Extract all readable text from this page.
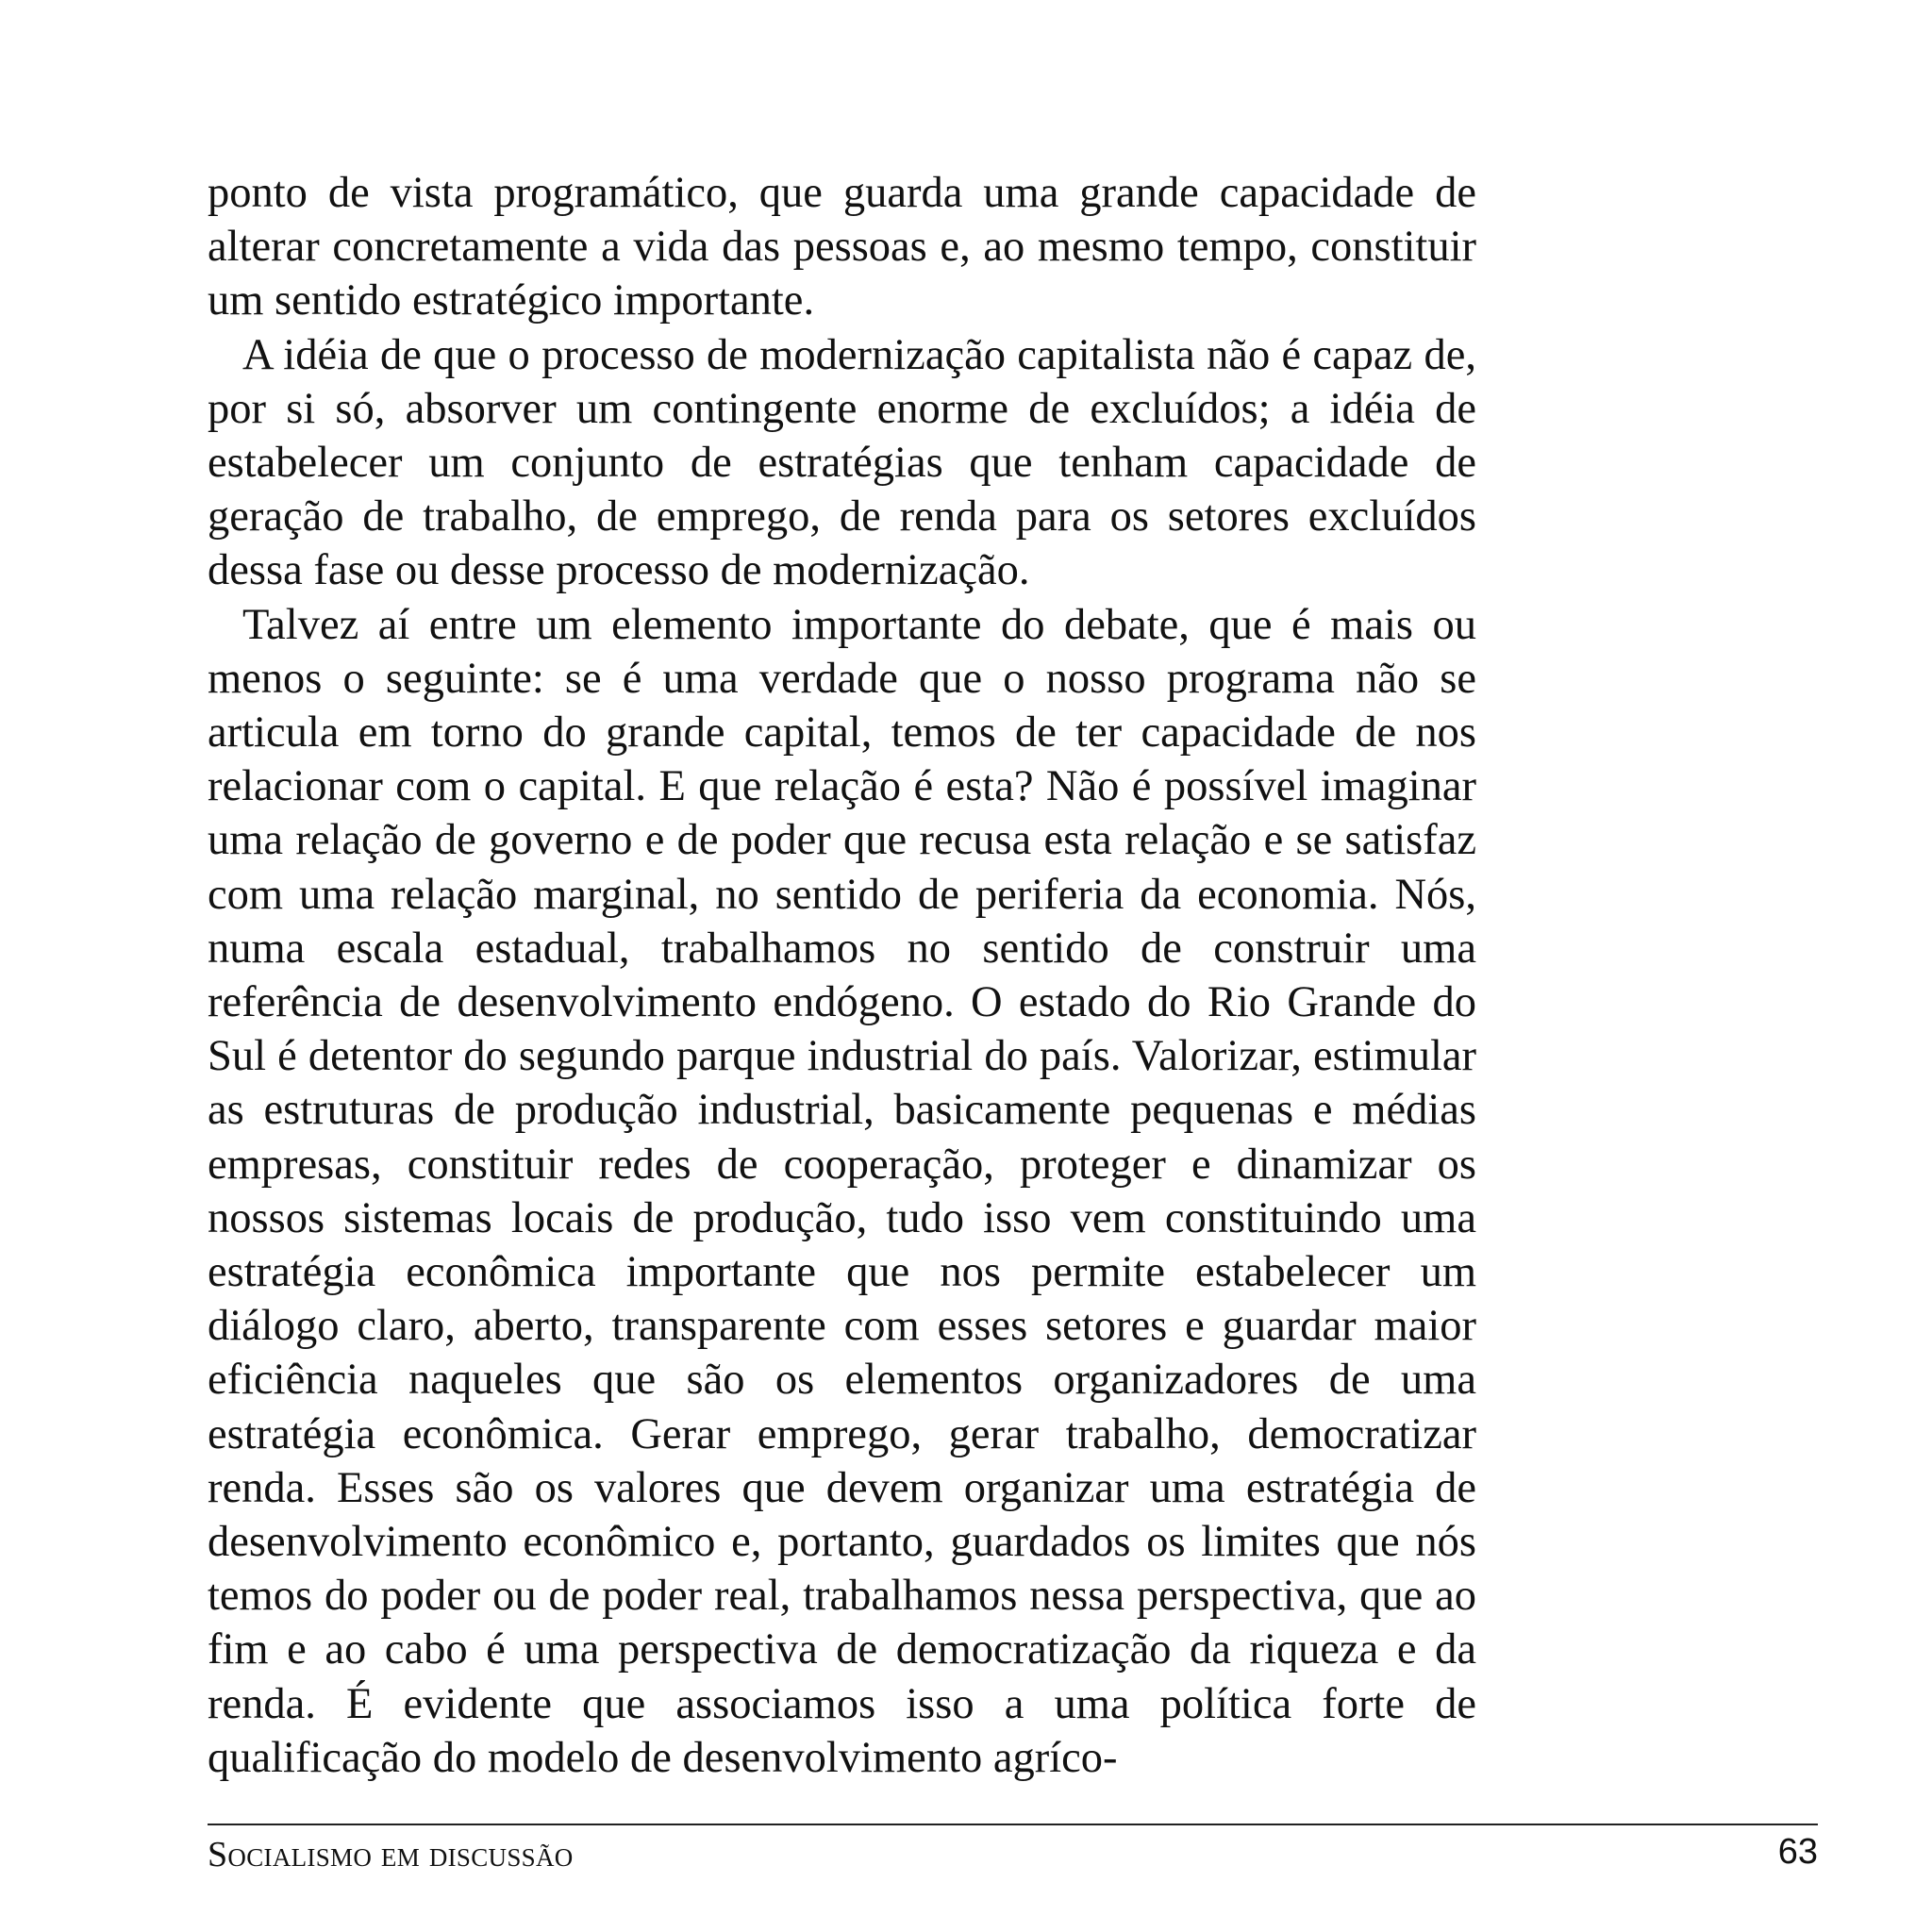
ponto de vista programático, que guarda uma grande capacidade de alterar concretamente a vida das pessoas e, ao mesmo tempo, constituir um sentido estratégico importante.

A idéia de que o processo de modernização capitalista não é capaz de, por si só, absorver um contingente enorme de excluídos; a idéia de estabelecer um conjunto de estratégias que tenham capacidade de geração de trabalho, de emprego, de renda para os setores excluídos dessa fase ou desse processo de modernização.

Talvez aí entre um elemento importante do debate, que é mais ou menos o seguinte: se é uma verdade que o nosso programa não se articula em torno do grande capital, temos de ter capacidade de nos relacionar com o capital. E que relação é esta? Não é possível imaginar uma relação de governo e de poder que recusa esta relação e se satisfaz com uma relação marginal, no sentido de periferia da economia. Nós, numa escala estadual, trabalhamos no sentido de construir uma referência de desenvolvimento endógeno. O estado do Rio Grande do Sul é detentor do segundo parque industrial do país. Valorizar, estimular as estruturas de produção industrial, basicamente pequenas e médias empresas, constituir redes de cooperação, proteger e dinamizar os nossos sistemas locais de produção, tudo isso vem constituindo uma estratégia econômica importante que nos permite estabelecer um diálogo claro, aberto, transparente com esses setores e guardar maior eficiência naqueles que são os elementos organizadores de uma estratégia econômica. Gerar emprego, gerar trabalho, democratizar renda. Esses são os valores que devem organizar uma estratégia de desenvolvimento econômico e, portanto, guardados os limites que nós temos do poder ou de poder real, trabalhamos nessa perspectiva, que ao fim e ao cabo é uma perspectiva de democratização da riqueza e da renda. É evidente que associamos isso a uma política forte de qualificação do modelo de desenvolvimento agríco-

Socialismo em discussão	63
